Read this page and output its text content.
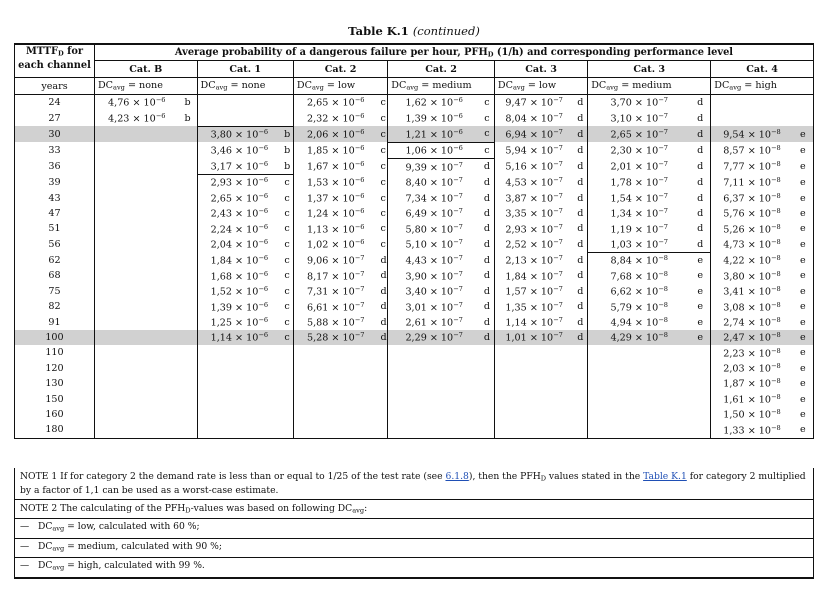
Table K.1 (continued)
$MTTF_D$ for
each channel	Average probability of a dangerous failure per hour, $PFH_D$ (1/h) and corresponding performance level													
	Cat. B		Cat. 1		Cat. 2		Cat. 2		Cat. 3		Cat. 3		Cat. 4	
years	$DC_{avg}$ = none		$DC_{avg}$ = none		$DC_{avg}$ = low		$DC_{avg}$ = medium		$DC_{avg}$ = low		$DC_{avg}$ = medium		$DC_{avg}$ = high	
24	$4,76 \times 10^{-6}$	b			$2,65 \times 10^{-6}$	c	$1,62 \times 10^{-6}$	c	$9,47 \times 10^{-7}$	d	$3,70 \times 10^{-7}$	d		
27	$4,23 \times 10^{-6}$	b			$2,32 \times 10^{-6}$	c	$1,39 \times 10^{-6}$	c	$8,04 \times 10^{-7}$	d	$3,10 \times 10^{-7}$	d		
30			$3,80 \times 10^{-6}$	b	$2,06 \times 10^{-6}$	c	$1,21 \times 10^{-6}$	c	$6,94 \times 10^{-7}$	d	$2,65 \times 10^{-7}$	d	$9,54 \times 10^{-8}$	e
33			$3,46 \times 10^{-6}$	b	$1,85 \times 10^{-6}$	c	$1,06 \times 10^{-6}$	c	$5,94 \times 10^{-7}$	d	$2,30 \times 10^{-7}$	d	$8,57 \times 10^{-8}$	e
36			$3,17 \times 10^{-6}$	b	$1,67 \times 10^{-6}$	c	$9,39 \times 10^{-7}$	d	$5,16 \times 10^{-7}$	d	$2,01 \times 10^{-7}$	d	$7,77 \times 10^{-8}$	e
39			$2,93 \times 10^{-6}$	c	$1,53 \times 10^{-6}$	c	$8,40 \times 10^{-7}$	d	$4,53 \times 10^{-7}$	d	$1,78 \times 10^{-7}$	d	$7,11 \times 10^{-8}$	e
43			$2,65 \times 10^{-6}$	c	$1,37 \times 10^{-6}$	c	$7,34 \times 10^{-7}$	d	$3,87 \times 10^{-7}$	d	$1,54 \times 10^{-7}$	d	$6,37 \times 10^{-8}$	e
47			$2,43 \times 10^{-6}$	c	$1,24 \times 10^{-6}$	c	$6,49 \times 10^{-7}$	d	$3,35 \times 10^{-7}$	d	$1,34 \times 10^{-7}$	d	$5,76 \times 10^{-8}$	e
51			$2,24 \times 10^{-6}$	c	$1,13 \times 10^{-6}$	c	$5,80 \times 10^{-7}$	d	$2,93 \times 10^{-7}$	d	$1,19 \times 10^{-7}$	d	$5,26 \times 10^{-8}$	e
56			$2,04 \times 10^{-6}$	c	$1,02 \times 10^{-6}$	c	$5,10 \times 10^{-7}$	d	$2,52 \times 10^{-7}$	d	$1,03 \times 10^{-7}$	d	$4,73 \times 10^{-8}$	e
62			$1,84 \times 10^{-6}$	c	$9,06 \times 10^{-7}$	d	$4,43 \times 10^{-7}$	d	$2,13 \times 10^{-7}$	d	$8,84 \times 10^{-8}$	e	$4,22 \times 10^{-8}$	e
68			$1,68 \times 10^{-6}$	c	$8,17 \times 10^{-7}$	d	$3,90 \times 10^{-7}$	d	$1,84 \times 10^{-7}$	d	$7,68 \times 10^{-8}$	e	$3,80 \times 10^{-8}$	e
75			$1,52 \times 10^{-6}$	c	$7,31 \times 10^{-7}$	d	$3,40 \times 10^{-7}$	d	$1,57 \times 10^{-7}$	d	$6,62 \times 10^{-8}$	e	$3,41 \times 10^{-8}$	e
82			$1,39 \times 10^{-6}$	c	$6,61 \times 10^{-7}$	d	$3,01 \times 10^{-7}$	d	$1,35 \times 10^{-7}$	d	$5,79 \times 10^{-8}$	e	$3,08 \times 10^{-8}$	e
91			$1,25 \times 10^{-6}$	c	$5,88 \times 10^{-7}$	d	$2,61 \times 10^{-7}$	d	$1,14 \times 10^{-7}$	d	$4,94 \times 10^{-8}$	e	$2,74 \times 10^{-8}$	e
100			$1,14 \times 10^{-6}$	c	$5,28 \times 10^{-7}$	d	$2,29 \times 10^{-7}$	d	$1,01 \times 10^{-7}$	d	$4,29 \times 10^{-8}$	e	$2,47 \times 10^{-8}$	e
110													$2,23 \times 10^{-8}$	e
120													$2,03 \times 10^{-8}$	e
130													$1,87 \times 10^{-8}$	e
150													$1,61 \times 10^{-8}$	e
160													$1,50 \times 10^{-8}$	e
180													$1,33 \times 10^{-8}$	e
NOTE 1 If for category 2 the demand rate is less than or equal to 1/25 of the test rate (see 6.1.8), then the $PFH_D$ values stated in the Table K.1 for category 2 multiplied by a factor of 1,1 can be used as a worst-case estimate.
NOTE 2 The calculating of the $PFH_D$-values was based on following $DC_{avg}$:
— $DC_{avg}$ = low, calculated with 60 %;
— $DC_{avg}$ = medium, calculated with 90 %;
— $DC_{avg}$ = high, calculated with 99 %.
